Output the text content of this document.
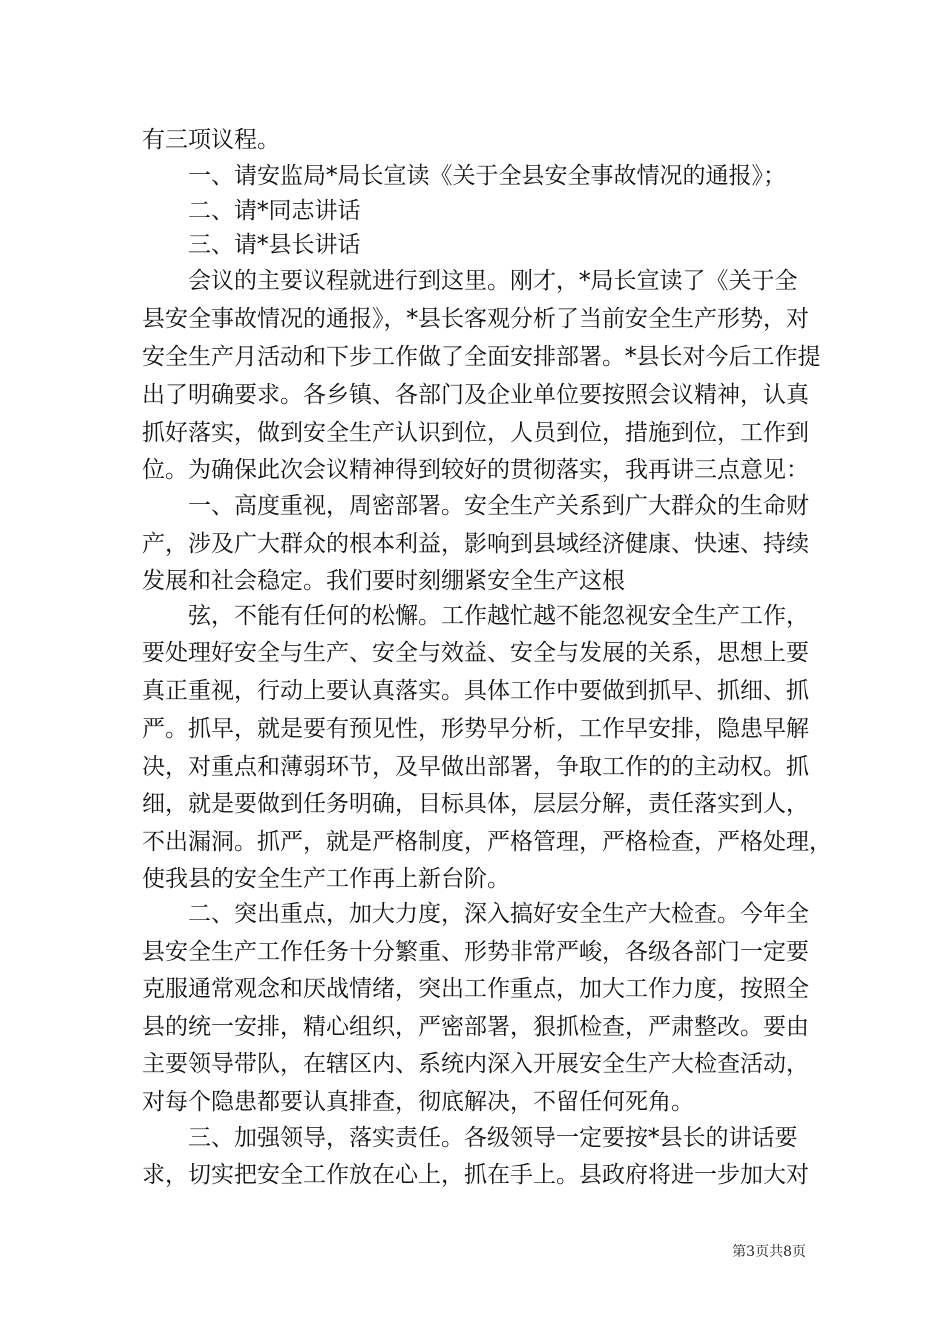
有三项议程。
　　一、请安监局*局长宣读《关于全县安全事故情况的通报》；
　　二、请*同志讲话
　　三、请*县长讲话
　　会议的主要议程就进行到这里。刚才，*局长宣读了《关于全
县安全事故情况的通报》，*县长客观分析了当前安全生产形势，对
安全生产月活动和下步工作做了全面安排部署。*县长对今后工作提
出了明确要求。各乡镇、各部门及企业单位要按照会议精神，认真
抓好落实，做到安全生产认识到位，人员到位，措施到位，工作到
位。为确保此次会议精神得到较好的贯彻落实，我再讲三点意见：
　　一、高度重视，周密部署。安全生产关系到广大群众的生命财
产，涉及广大群众的根本利益，影响到县域经济健康、快速、持续
发展和社会稳定。我们要时刻绷紧安全生产这根
　　弦，不能有任何的松懈。工作越忙越不能忽视安全生产工作，
要处理好安全与生产、安全与效益、安全与发展的关系，思想上要
真正重视，行动上要认真落实。具体工作中要做到抓早、抓细、抓
严。抓早，就是要有预见性，形势早分析，工作早安排，隐患早解
决，对重点和薄弱环节，及早做出部署，争取工作的的主动权。抓
细，就是要做到任务明确，目标具体，层层分解，责任落实到人，
不出漏洞。抓严，就是严格制度，严格管理，严格检查，严格处理，
使我县的安全生产工作再上新台阶。
　　二、突出重点，加大力度，深入搞好安全生产大检查。今年全
县安全生产工作任务十分繁重、形势非常严峻，各级各部门一定要
克服通常观念和厌战情绪，突出工作重点，加大工作力度，按照全
县的统一安排，精心组织，严密部署，狠抓检查，严肃整改。要由
主要领导带队，在辖区内、系统内深入开展安全生产大检查活动，
对每个隐患都要认真排查，彻底解决，不留任何死角。
　　三、加强领导，落实责任。各级领导一定要按*县长的讲话要
求，切实把安全工作放在心上，抓在手上。县政府将进一步加大对
第3页共8页
